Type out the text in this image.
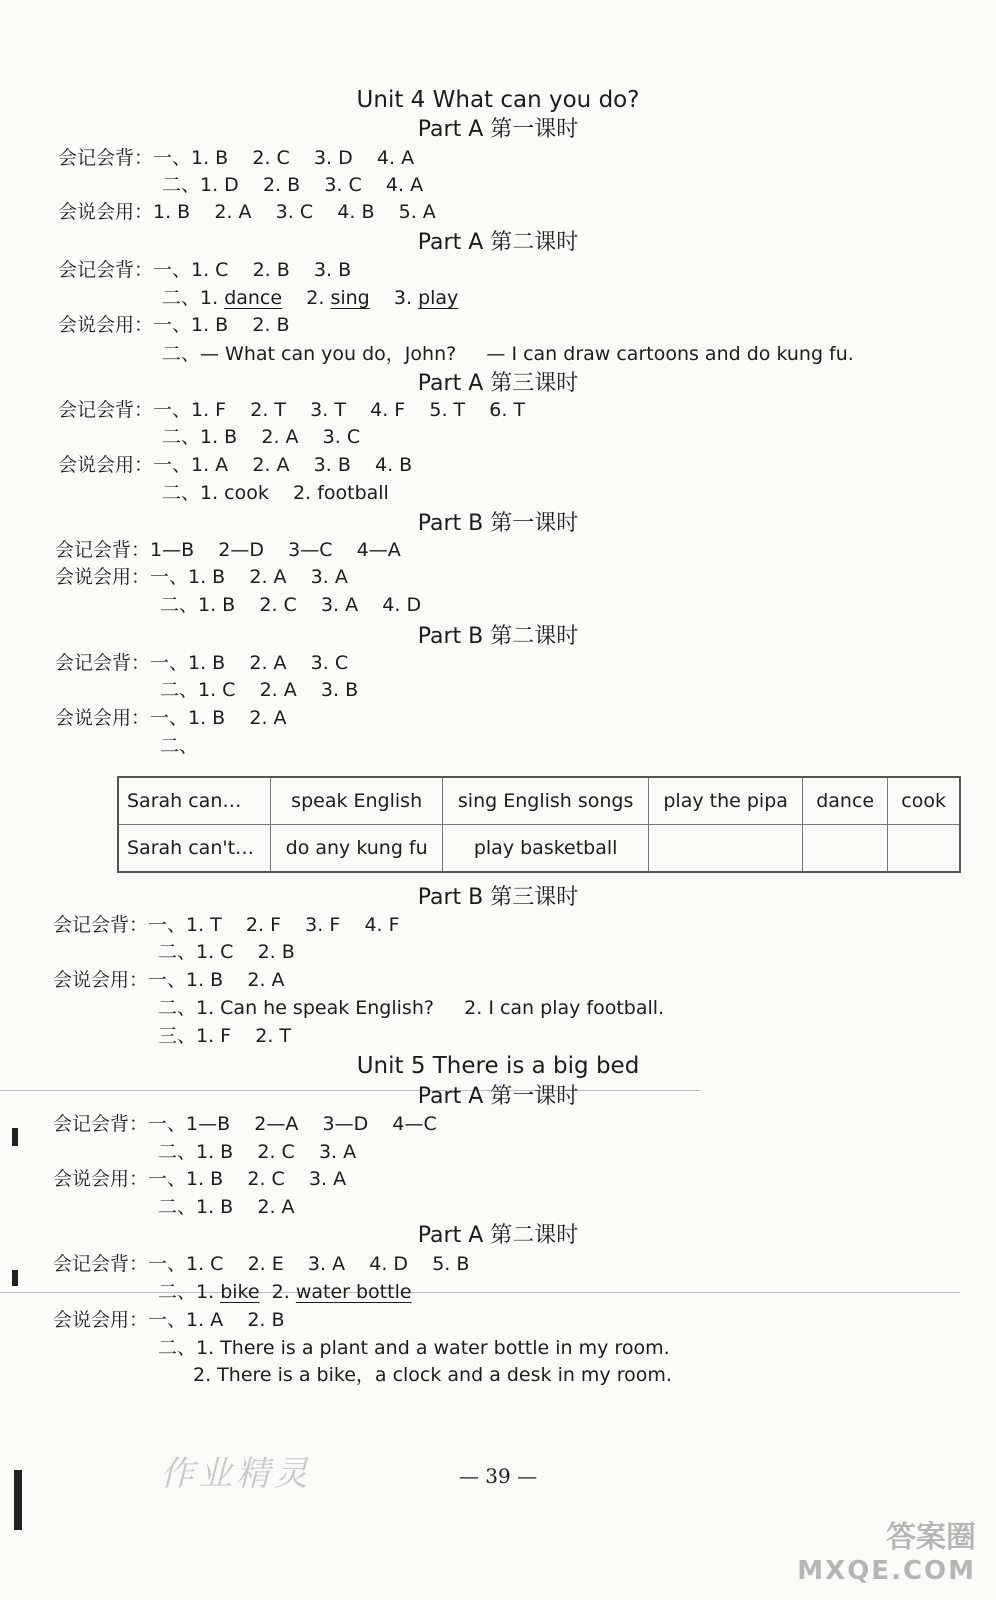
Unit 4 What can you do?
Part A 第一课时
会记会背：一、1. B    2. C    3. D    4. A
二、1. D    2. B    3. C    4. A
会说会用：1. B    2. A    3. C    4. B    5. A
Part A 第二课时
会记会背：一、1. C    2. B    3. B
二、1. dance 2. sing 3. play
会说会用：一、1. B    2. B
二、— What can you do，John?     — I can draw cartoons and do kung fu.
Part A 第三课时
会记会背：一、1. F    2. T    3. T    4. F    5. T    6. T
二、1. B    2. A    3. C
会说会用：一、1. A    2. A    3. B    4. B
二、1. cook    2. football
Part B 第一课时
会记会背：1—B    2—D    3—C    4—A
会说会用：一、1. B    2. A    3. A
二、1. B    2. C    3. A    4. D
Part B 第二课时
会记会背：一、1. B    2. A    3. C
二、1. C    2. A    3. B
会说会用：一、1. B    2. A
二、
Sarah can…	speak English	sing English songs	play the pipa	dance	cook
Sarah can't…	do any kung fu	play basketball			
Part B 第三课时
会记会背：一、1. T    2. F    3. F    4. F
二、1. C    2. B
会说会用：一、1. B    2. A
二、1. Can he speak English?     2. I can play football.
三、1. F    2. T
Unit 5 There is a big bed
Part A 第一课时
会记会背：一、1—B    2—A    3—D    4—C
二、1. B    2. C    3. A
会说会用：一、1. B    2. C    3. A
二、1. B    2. A
Part A 第二课时
会记会背：一、1. C    2. E    3. A    4. D    5. B
二、1. bike 2. water bottle
会说会用：一、1. A    2. B
二、1. There is a plant and a water bottle in my room.
2. There is a bike，a clock and a desk in my room.
作业精灵	— 39 —
答案圈
MXQE.COM
